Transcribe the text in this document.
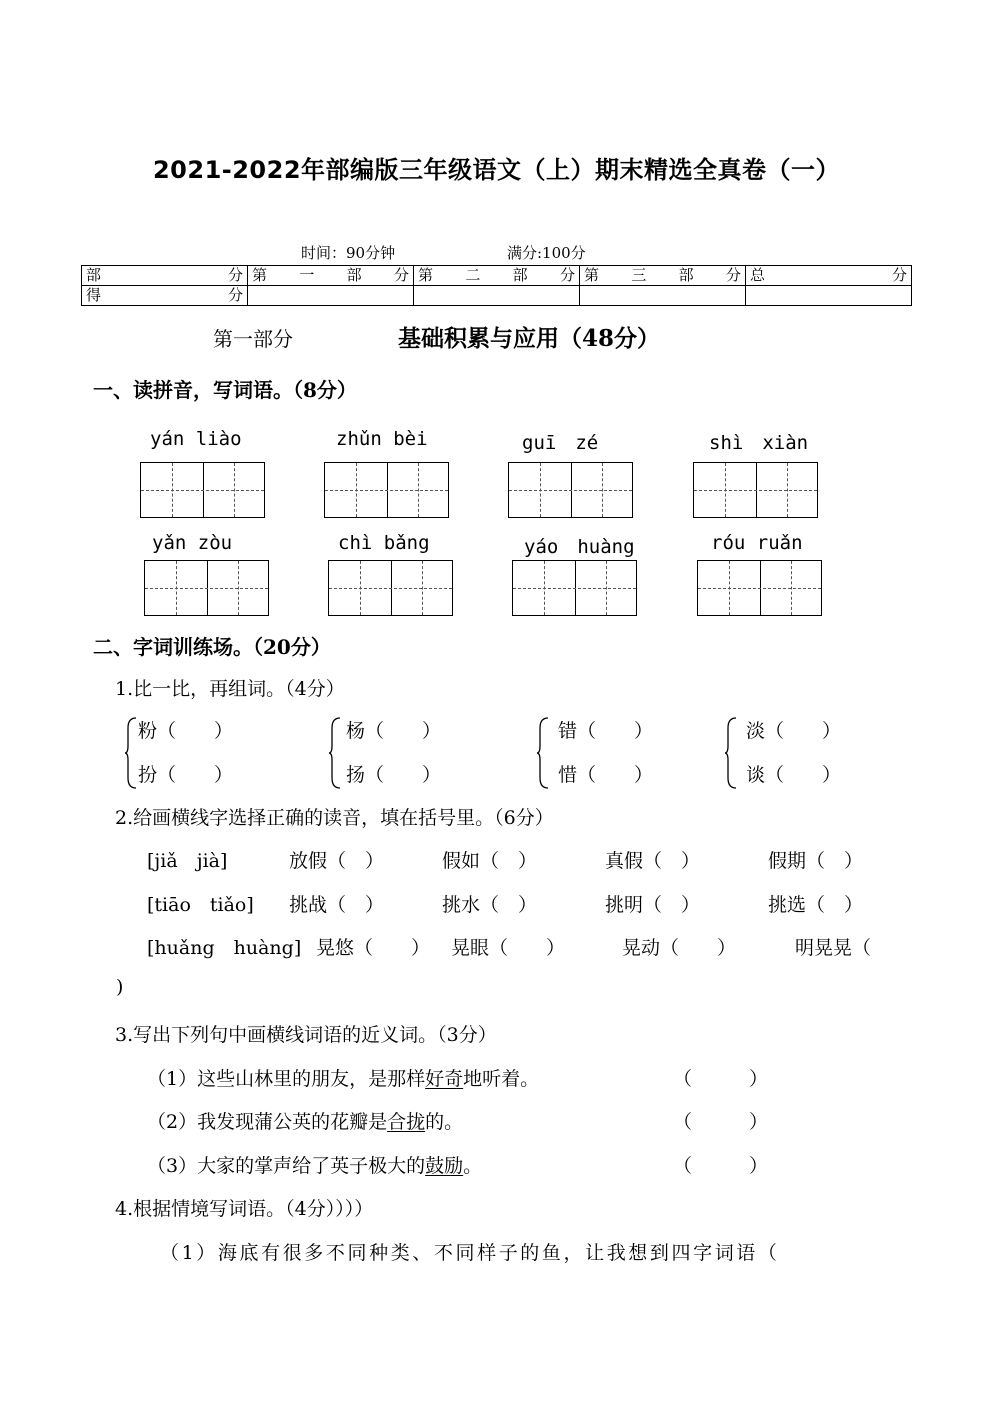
2021-2022年部编版三年级语文（上）期末精选全真卷（一）
时间：90分钟	满分:100分
部 分	第 一 部 分	第 二 部 分	第 三 部 分	总 分

得 分				

第一部分	基础积累与应用（48分）
一、读拼音，写词语。（8分）
yán liào	zhǔn bèi	guī　zé	shì　xiàn
yǎn zòu	chì bǎng	yáo　huàng	róu ruǎn
二、字词训练场。（20分）
1.比一比，再组词。（4分）
粉（　　）
扮（　　）
杨（　　）
扬（　　）
错（　　）
惜（　　）
淡（　　）
谈（　　）
2.给画横线字选择正确的读音，填在括号里。（6分）
[jiǎ　jià]	放假（　）	假如（　）	真假（　）	假期（　）
[tiāo　tiǎo] 挑战（　）	挑水（　）	挑明（　）	挑选（　）
[huǎng　huàng] 晃悠（　　） 晃眼（　　）	晃动（　　）	明晃晃（
)
3.写出下列句中画横线词语的近义词。（3分）
（1）这些山林里的朋友，是那样好奇地听着。
（2）我发现蒲公英的花瓣是合拢的。
（3）大家的掌声给了英子极大的鼓励。
（　　　）
（　　　）
（　　　）
4.根据情境写词语。（4分））））
（1）海底有很多不同种类、不同样子的鱼，让我想到四字词语（
